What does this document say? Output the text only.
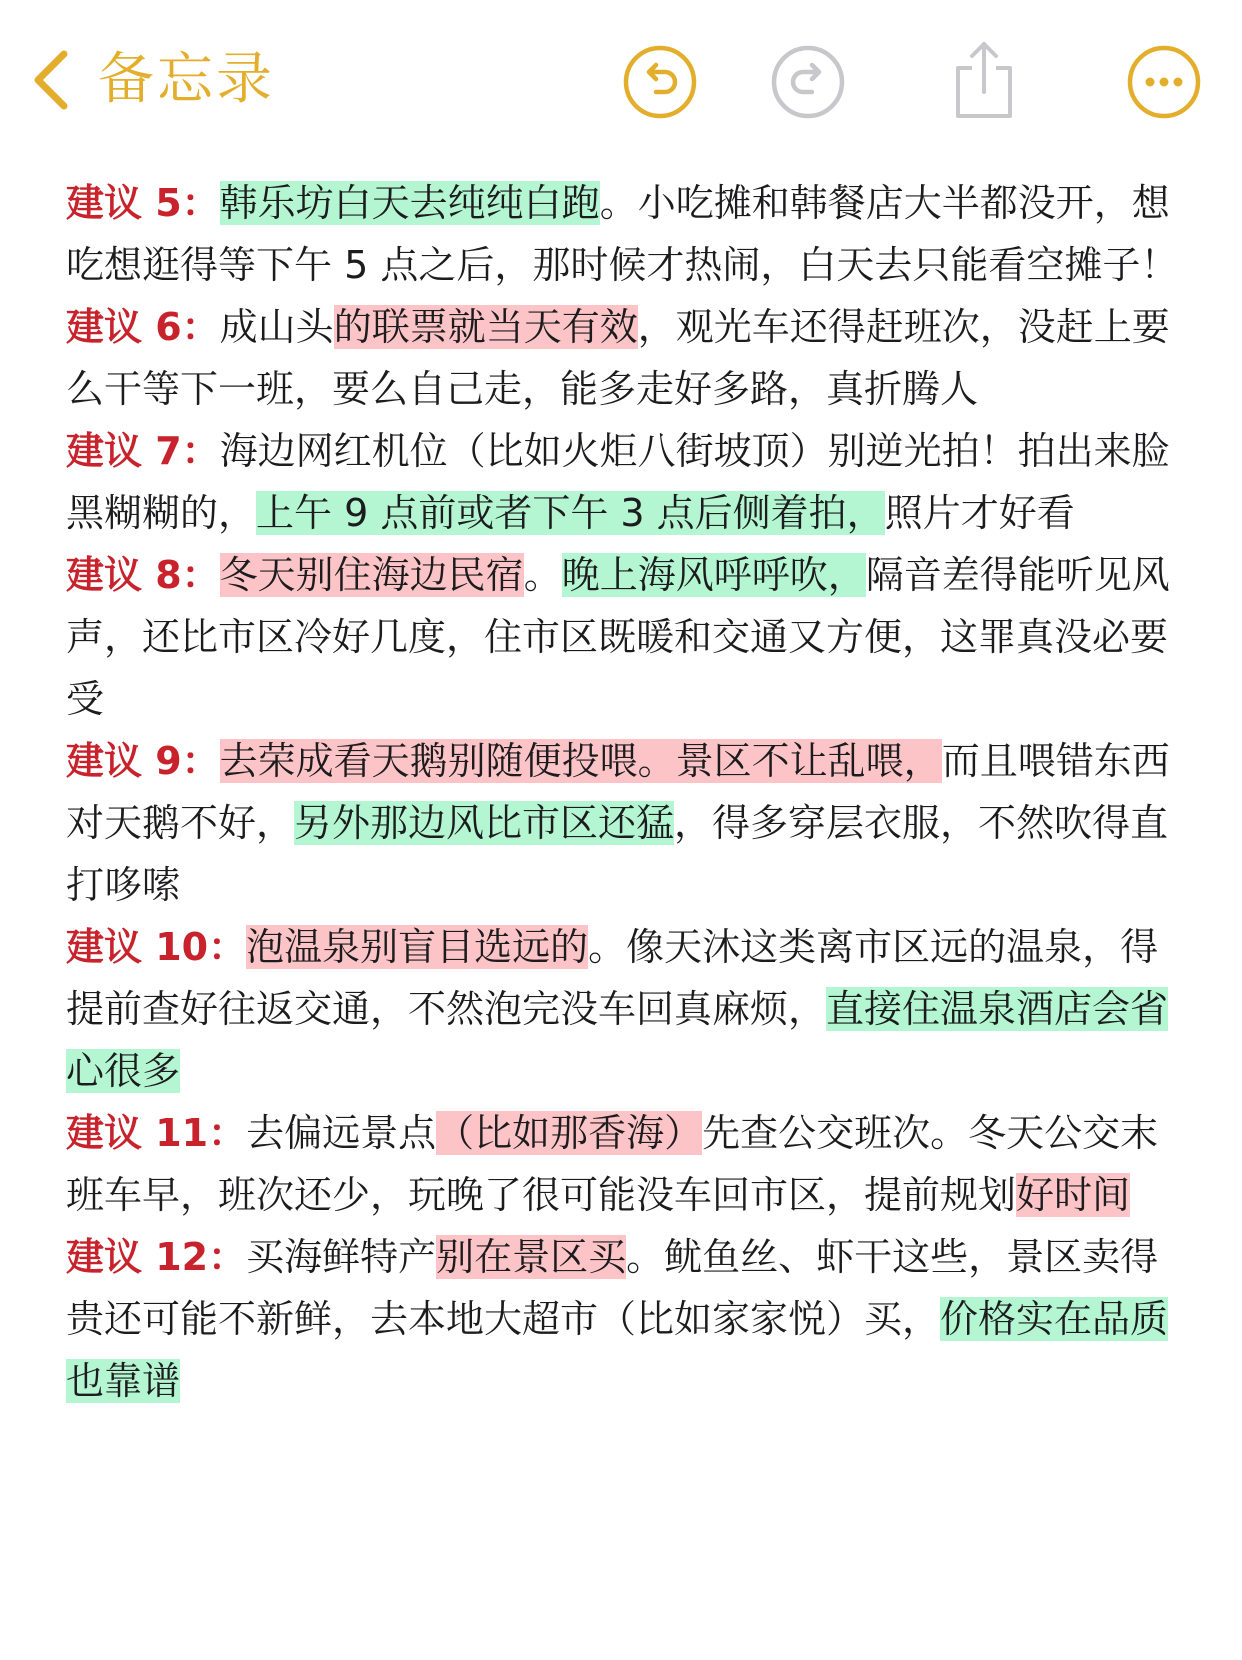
备忘录

建议 5：韩乐坊白天去纯纯白跑。小吃摊和韩餐店大半都没开，想吃想逛得等下午 5 点之后，那时候才热闹，白天去只能看空摊子！

建议 6：成山头的联票就当天有效，观光车还得赶班次，没赶上要么干等下一班，要么自己走，能多走好多路，真折腾人

建议 7：海边网红机位（比如火炬八街坡顶）别逆光拍！拍出来脸黑糊糊的，上午 9 点前或者下午 3 点后侧着拍，照片才好看

建议 8：冬天别住海边民宿。晚上海风呼呼吹，隔音差得能听见风声，还比市区冷好几度，住市区既暖和交通又方便，这罪真没必要受

建议 9：去荣成看天鹅别随便投喂。景区不让乱喂，而且喂错东西对天鹅不好，另外那边风比市区还猛，得多穿层衣服，不然吹得直打哆嗦

建议 10：泡温泉别盲目选远的。像天沐这类离市区远的温泉，得提前查好往返交通，不然泡完没车回真麻烦，直接住温泉酒店会省心很多

建议 11：去偏远景点（比如那香海）先查公交班次。冬天公交末班车早，班次还少，玩晚了很可能没车回市区，提前规划好时间

建议 12：买海鲜特产别在景区买。鱿鱼丝、虾干这些，景区卖得贵还可能不新鲜，去本地大超市（比如家家悦）买，价格实在品质也靠谱
